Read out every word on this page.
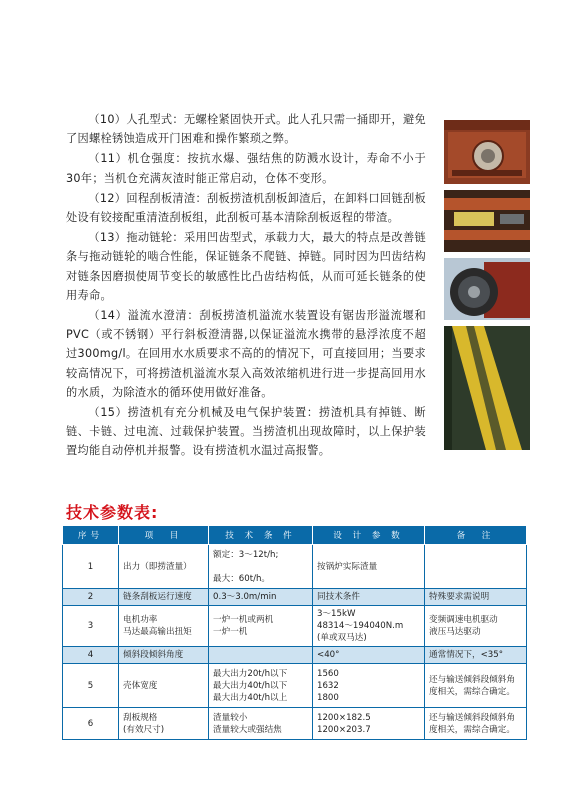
（10）人孔型式：无螺栓紧固快开式。此人孔只需一捅即开，避免了因螺栓锈蚀造成开门困难和操作繁琐之弊。

（11）机仓强度：按抗水爆、强结焦的防溅水设计，寿命不小于30年；当机仓充满灰渣时能正常启动，仓体不变形。

（12）回程刮板清渣：刮板捞渣机刮板卸渣后，在卸料口回链刮板处设有铰接配重清渣刮板组，此刮板可基本清除刮板返程的带渣。

（13）拖动链轮：采用凹齿型式，承载力大，最大的特点是改善链条与拖动链轮的啮合性能，保证链条不爬链、掉链。同时因为凹齿结构对链条因磨损使周节变长的敏感性比凸齿结构低，从而可延长链条的使用寿命。

（14）溢流水澄清：刮板捞渣机溢流水装置设有锯齿形溢流堰和PVC（或不锈钢）平行斜板澄清器,以保证溢流水携带的悬浮浓度不超过300mg/l。在回用水水质要求不高的的情况下，可直接回用；当要求较高情况下，可将捞渣机溢流水泵入高效浓缩机进行进一步提高回用水的水质，为除渣水的循环使用做好准备。

（15）捞渣机有充分机械及电气保护装置：捞渣机具有掉链、断链、卡链、过电流、过载保护装置。当捞渣机出现故障时，以上保护装置均能自动停机并报警。设有捞渣机水温过高报警。

技术参数表:
序号	项　目	技 术 条 件	设 计 参 数	备　注
1	出力（即捞渣量）	额定：3～12t/h;

最大：60t/h。	按锅炉实际渣量	

2	链条刮板运行速度	0.3～3.0m/min	同技术条件	特殊要求需说明

3	电机功率
马达最高输出扭矩	一炉一机或两机
一炉一机	3～15kW
48314～194040N.m
(单或双马达)	变频调速电机驱动
液压马达驱动

4	倾斜段倾斜角度		<40°	通常情况下，<35°

5	壳体宽度	最大出力20t/h以下
最大出力40t/h以下
最大出力40t/h以上	1560
1632
1800	还与输送倾斜段倾斜角
度相关，需综合确定。

6	刮板规格
(有效尺寸)	渣量较小
渣量较大或强结焦	1200×182.5
1200×203.7	还与输送倾斜段倾斜角
度相关，需综合确定。
